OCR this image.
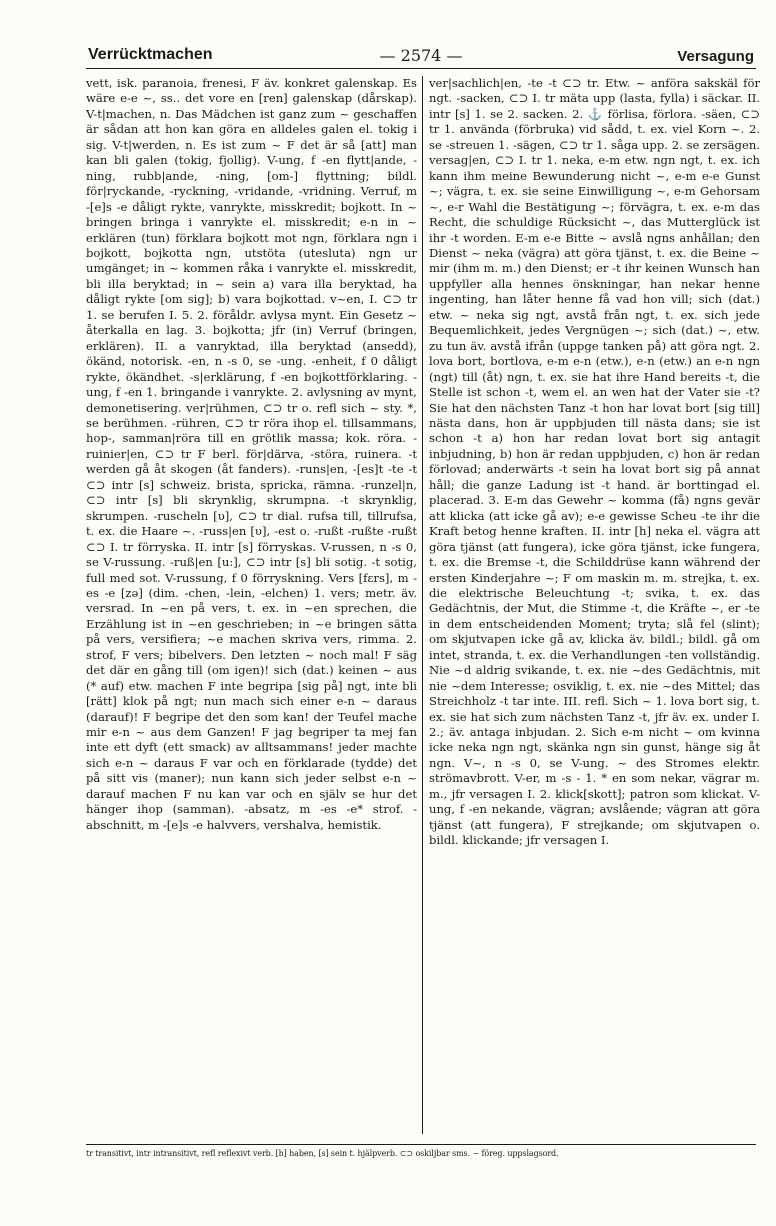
Verrücktmachen	— 2574 —	Versagung

vett, isk. paranoia, frenesi, F äv. konkret galenskap. Es wäre e-e ~, ss.. det vore en [ren] galenskap (dårskap). V-t|machen, n. Das Mädchen ist ganz zum ~ geschaffen är sådan att hon kan göra en alldeles galen el. tokig i sig. V-t|werden, n. Es ist zum ~ F det är så [att] man kan bli galen (tokig, fjollig). V-ung, f -en flytt|ande, -ning, rubb|ande, -ning, [om-] flyttning; bildl. för|ryckande, -ryckning, -vridande, -vridning. Verruf, m -[e]s -e dåligt rykte, vanrykte, misskredit; bojkott. In ~ bringen bringa i vanrykte el. misskredit; e-n in ~ erklären (tun) förklara bojkott mot ngn, förklara ngn i bojkott, bojkotta ngn, utstöta (utesluta) ngn ur umgänget; in ~ kommen råka i vanrykte el. misskredit, bli illa beryktad; in ~ sein a) vara illa beryktad, ha dåligt rykte [om sig]; b) vara bojkottad. v~en, I. ⊂⊃ tr 1. se berufen I. 5. 2. föråldr. avlysa mynt. Ein Gesetz ~ återkalla en lag. 3. bojkotta; jfr (in) Verruf (bringen, erklären). II. a vanryktad, illa beryktad (ansedd), ökänd, notorisk. -en, n -s 0, se -ung. -enheit, f 0 dåligt rykte, ökändhet. -s|erklärung, f -en bojkottförklaring. -ung, f -en 1. bringande i vanrykte. 2. avlysning av mynt, demonetisering. ver|rühmen, ⊂⊃ tr o. refl sich ~ sty. *, se berühmen. -rühren, ⊂⊃ tr röra ihop el. tillsammans, hop-, samman|röra till en grötlik massa; kok. röra. -ruinier|en, ⊂⊃ tr F berl. för|därva, -störa, ruinera. -t werden gå åt skogen (åt fanders). -runs|en, -[es]t -te -t ⊂⊃ intr [s] schweiz. brista, spricka, rämna. -runzel|n, ⊂⊃ intr [s] bli skrynklig, skrumpna. -t skrynklig, skrumpen. -ruscheln [υ], ⊂⊃ tr dial. rufsa till, tillrufsa, t. ex. die Haare ~. -russ|en [υ], -est o. -rußt -rußte -rußt ⊂⊃ I. tr förryska. II. intr [s] förryskas. V-russen, n -s 0, se V-russung. -ruß|en [u:], ⊂⊃ intr [s] bli sotig. -t sotig, full med sot. V-russung, f 0 förryskning. Vers [fεrs], m -es -e [zə] (dim. -chen, -lein, -elchen) 1. vers; metr. äv. versrad. In ~en på vers, t. ex. in ~en sprechen, die Erzählung ist in ~en geschrieben; in ~e bringen sätta på vers, versifiera; ~e machen skriva vers, rimma. 2. strof, F vers; bibelvers. Den letzten ~ noch mal! F säg det där en gång till (om igen)! sich (dat.) keinen ~ aus (* auf) etw. machen F inte begripa [sig på] ngt, inte bli [rätt] klok på ngt; nun mach sich einer e-n ~ daraus (darauf)! F begripe det den som kan! der Teufel mache mir e-n ~ aus dem Ganzen! F jag begriper ta mej fan inte ett dyft (ett smack) av alltsammans! jeder machte sich e-n ~ daraus F var och en förklarade (tydde) det på sitt vis (maner); nun kann sich jeder selbst e-n ~ darauf machen F nu kan var och en själv se hur det hänger ihop (samman). -absatz, m -es -e* strof. -abschnitt, m -[e]s -e halvvers, vershalva, hemistik.

ver|sachlich|en, -te -t ⊂⊃ tr. Etw. ~ anföra sakskäl för ngt. -sacken, ⊂⊃ I. tr mäta upp (lasta, fylla) i säckar. II. intr [s] 1. se 2. sacken. 2. ⚓ förlisa, förlora. -säen, ⊂⊃ tr 1. använda (förbruka) vid sådd, t. ex. viel Korn ~. 2. se -streuen 1. -sägen, ⊂⊃ tr 1. såga upp. 2. se zersägen. versag|en, ⊂⊃ I. tr 1. neka, e-m etw. ngn ngt, t. ex. ich kann ihm meine Bewunderung nicht ~, e-m e-e Gunst ~; vägra, t. ex. sie seine Einwilligung ~, e-m Gehorsam ~, e-r Wahl die Bestätigung ~; förvägra, t. ex. e-m das Recht, die schuldige Rücksicht ~, das Mutterglück ist ihr -t worden. E-m e-e Bitte ~ avslå ngns anhållan; den Dienst ~ neka (vägra) att göra tjänst, t. ex. die Beine ~ mir (ihm m. m.) den Dienst; er -t ihr keinen Wunsch han uppfyller alla hennes önskningar, han nekar henne ingenting, han låter henne få vad hon vill; sich (dat.) etw. ~ neka sig ngt, avstå från ngt, t. ex. sich jede Bequemlichkeit, jedes Vergnügen ~; sich (dat.) ~, etw. zu tun äv. avstå ifrån (uppge tanken på) att göra ngt. 2. lova bort, bortlova, e-m e-n (etw.), e-n (etw.) an e-n ngn (ngt) till (åt) ngn, t. ex. sie hat ihre Hand bereits -t, die Stelle ist schon -t, wem el. an wen hat der Vater sie -t? Sie hat den nächsten Tanz -t hon har lovat bort [sig till] nästa dans, hon är uppbjuden till nästa dans; sie ist schon -t a) hon har redan lovat bort sig antagit inbjudning, b) hon är redan uppbjuden, c) hon är redan förlovad; anderwärts -t sein ha lovat bort sig på annat håll; die ganze Ladung ist -t hand. är borttingad el. placerad. 3. E-m das Gewehr ~ komma (få) ngns gevär att klicka (att icke gå av); e-e gewisse Scheu -te ihr die Kraft betog henne kraften. II. intr [h] neka el. vägra att göra tjänst (att fungera), icke göra tjänst, icke fungera, t. ex. die Bremse -t, die Schilddrüse kann während der ersten Kinderjahre ~; F om maskin m. m. strejka, t. ex. die elektrische Beleuchtung -t; svika, t. ex. das Gedächtnis, der Mut, die Stimme -t, die Kräfte ~, er -te in dem entscheidenden Moment; tryta; slå fel (slint); om skjutvapen icke gå av, klicka äv. bildl.; bildl. gå om intet, stranda, t. ex. die Verhandlungen -ten vollständig. Nie ~d aldrig svikande, t. ex. nie ~des Gedächtnis, mit nie ~dem Interesse; osviklig, t. ex. nie ~des Mittel; das Streichholz -t tar inte. III. refl. Sich ~ 1. lova bort sig, t. ex. sie hat sich zum nächsten Tanz -t, jfr äv. ex. under I. 2.; äv. antaga inbjudan. 2. Sich e-m nicht ~ om kvinna icke neka ngn ngt, skänka ngn sin gunst, hänge sig åt ngn. V~, n -s 0, se V-ung. ~ des Stromes elektr. strömavbrott. V-er, m -s - 1. * en som nekar, vägrar m. m., jfr versagen I. 2. klick[skott]; patron som klickat. V-ung, f -en nekande, vägran; avslående; vägran att göra tjänst (att fungera), F strejkande; om skjutvapen o. bildl. klickande; jfr versagen I.

tr transitivt, intr intransitivt, refl reflexivt verb. [h] haben, [s] sein t. hjälpverb. ⊂⊃ oskiljbar sms. ~ föreg. uppslagsord.
